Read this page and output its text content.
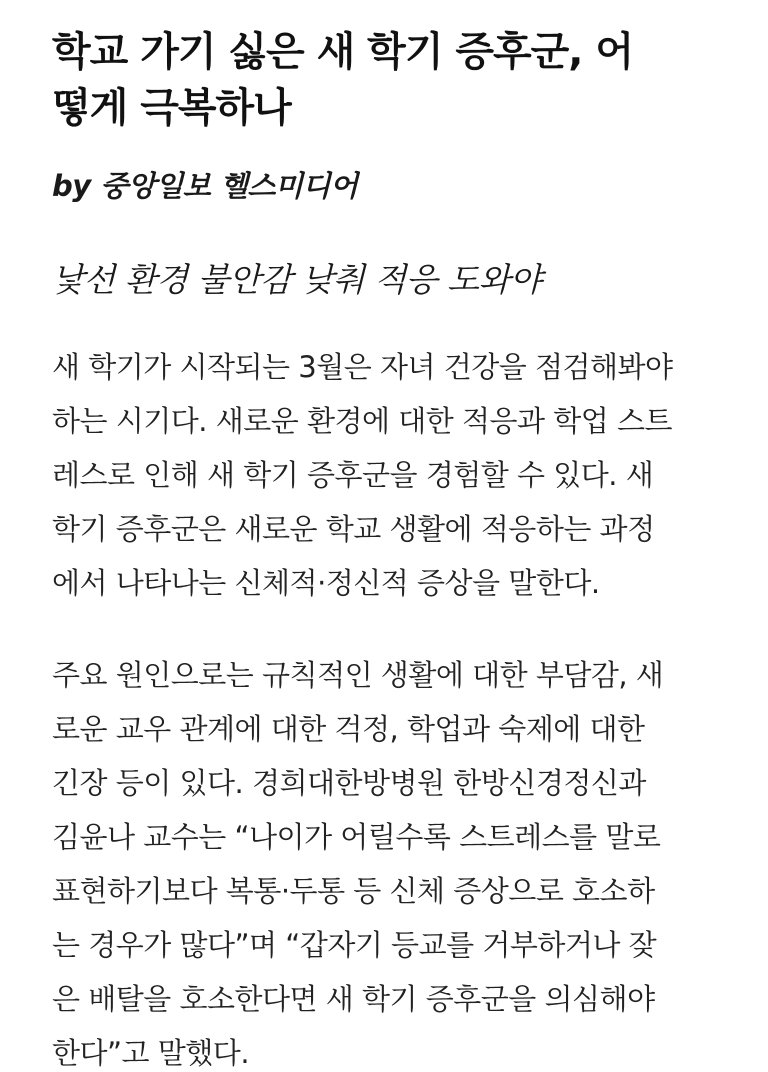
학교 가기 싫은 새 학기 증후군, 어
떻게 극복하나
by 중앙일보 헬스미디어
낯선 환경 불안감 낮춰 적응 도와야

새 학기가 시작되는 3월은 자녀 건강을 점검해봐야
하는 시기다. 새로운 환경에 대한 적응과 학업 스트
레스로 인해 새 학기 증후군을 경험할 수 있다. 새
학기 증후군은 새로운 학교 생활에 적응하는 과정
에서 나타나는 신체적·정신적 증상을 말한다.

주요 원인으로는 규칙적인 생활에 대한 부담감, 새
로운 교우 관계에 대한 걱정, 학업과 숙제에 대한
긴장 등이 있다. 경희대한방병원 한방신경정신과
김윤나 교수는 “나이가 어릴수록 스트레스를 말로
표현하기보다 복통·두통 등 신체 증상으로 호소하
는 경우가 많다”며 “갑자기 등교를 거부하거나 잦
은 배탈을 호소한다면 새 학기 증후군을 의심해야
한다”고 말했다.
